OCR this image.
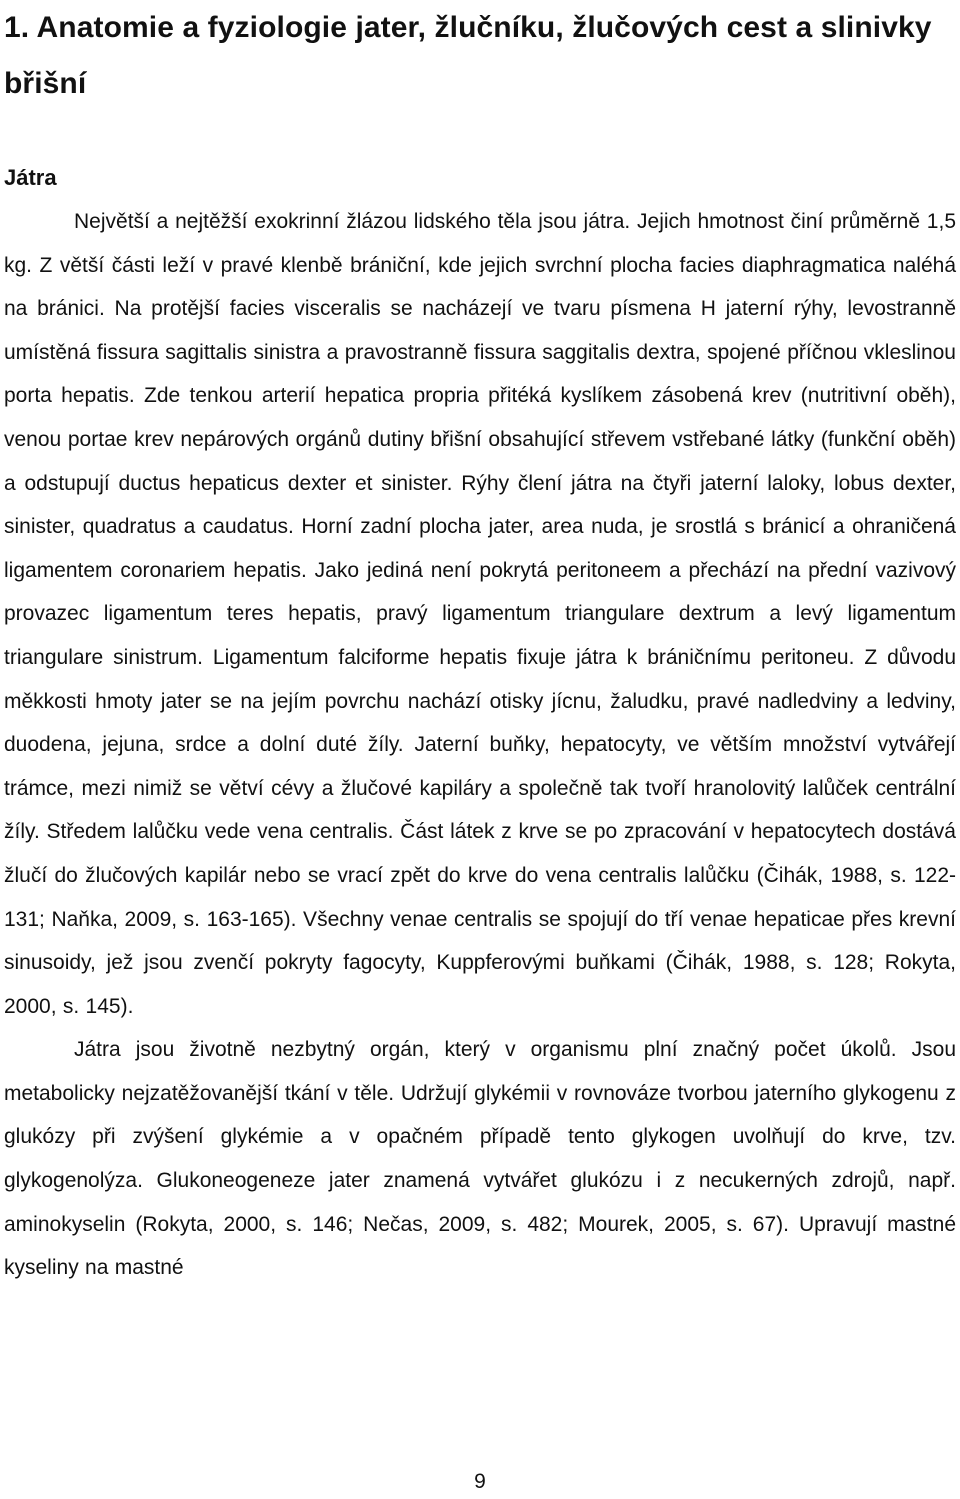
1. Anatomie a fyziologie jater, žlučníku, žlučových cest a slinivky břišní
Játra

Největší a nejtěžší exokrinní žlázou lidského těla jsou játra. Jejich hmotnost činí průměrně 1,5 kg. Z větší části leží v pravé klenbě brániční, kde jejich svrchní plocha facies diaphragmatica naléhá na bránici. Na protější facies visceralis se nacházejí ve tvaru písmena H jaterní rýhy, levostranně umístěná fissura sagittalis sinistra a pravostranně fissura saggitalis dextra, spojené příčnou vkleslinou porta hepatis. Zde tenkou arterií hepatica propria přitéká kyslíkem zásobená krev (nutritivní oběh), venou portae krev nepárových orgánů dutiny břišní obsahující střevem vstřebané látky (funkční oběh) a odstupují ductus hepaticus dexter et sinister. Rýhy člení játra na čtyři jaterní laloky, lobus dexter, sinister, quadratus a caudatus. Horní zadní plocha jater, area nuda, je srostlá s bránicí a ohraničená ligamentem coronariem hepatis. Jako jediná není pokrytá peritoneem a přechází na přední vazivový provazec ligamentum teres hepatis, pravý ligamentum triangulare dextrum a levý ligamentum triangulare sinistrum. Ligamentum falciforme hepatis fixuje játra k bráničnímu peritoneu. Z důvodu měkkosti hmoty jater se na jejím povrchu nachází otisky jícnu, žaludku, pravé nadledviny a ledviny, duodena, jejuna, srdce a dolní duté žíly. Jaterní buňky, hepatocyty, ve větším množství vytvářejí trámce, mezi nimiž se větví cévy a žlučové kapiláry a společně tak tvoří hranolovitý lalůček centrální žíly. Středem lalůčku vede vena centralis. Část látek z krve se po zpracování v hepatocytech dostává žlučí do žlučových kapilár nebo se vrací zpět do krve do vena centralis lalůčku (Čihák, 1988, s. 122-131; Naňka, 2009, s. 163-165). Všechny venae centralis se spojují do tří venae hepaticae přes krevní sinusoidy, jež jsou zvenčí pokryty fagocyty, Kuppferovými buňkami (Čihák, 1988, s. 128; Rokyta, 2000, s. 145).

Játra jsou životně nezbytný orgán, který v organismu plní značný počet úkolů. Jsou metabolicky nejzatěžovanější tkání v těle. Udržují glykémii v rovnováze tvorbou jaterního glykogenu z glukózy při zvýšení glykémie a v opačném případě tento glykogen uvolňují do krve, tzv. glykogenolýza. Glukoneogeneze jater znamená vytvářet glukózu i z necukerných zdrojů, např. aminokyselin (Rokyta, 2000, s. 146; Nečas, 2009, s. 482; Mourek, 2005, s. 67). Upravují mastné kyseliny na mastné

9
